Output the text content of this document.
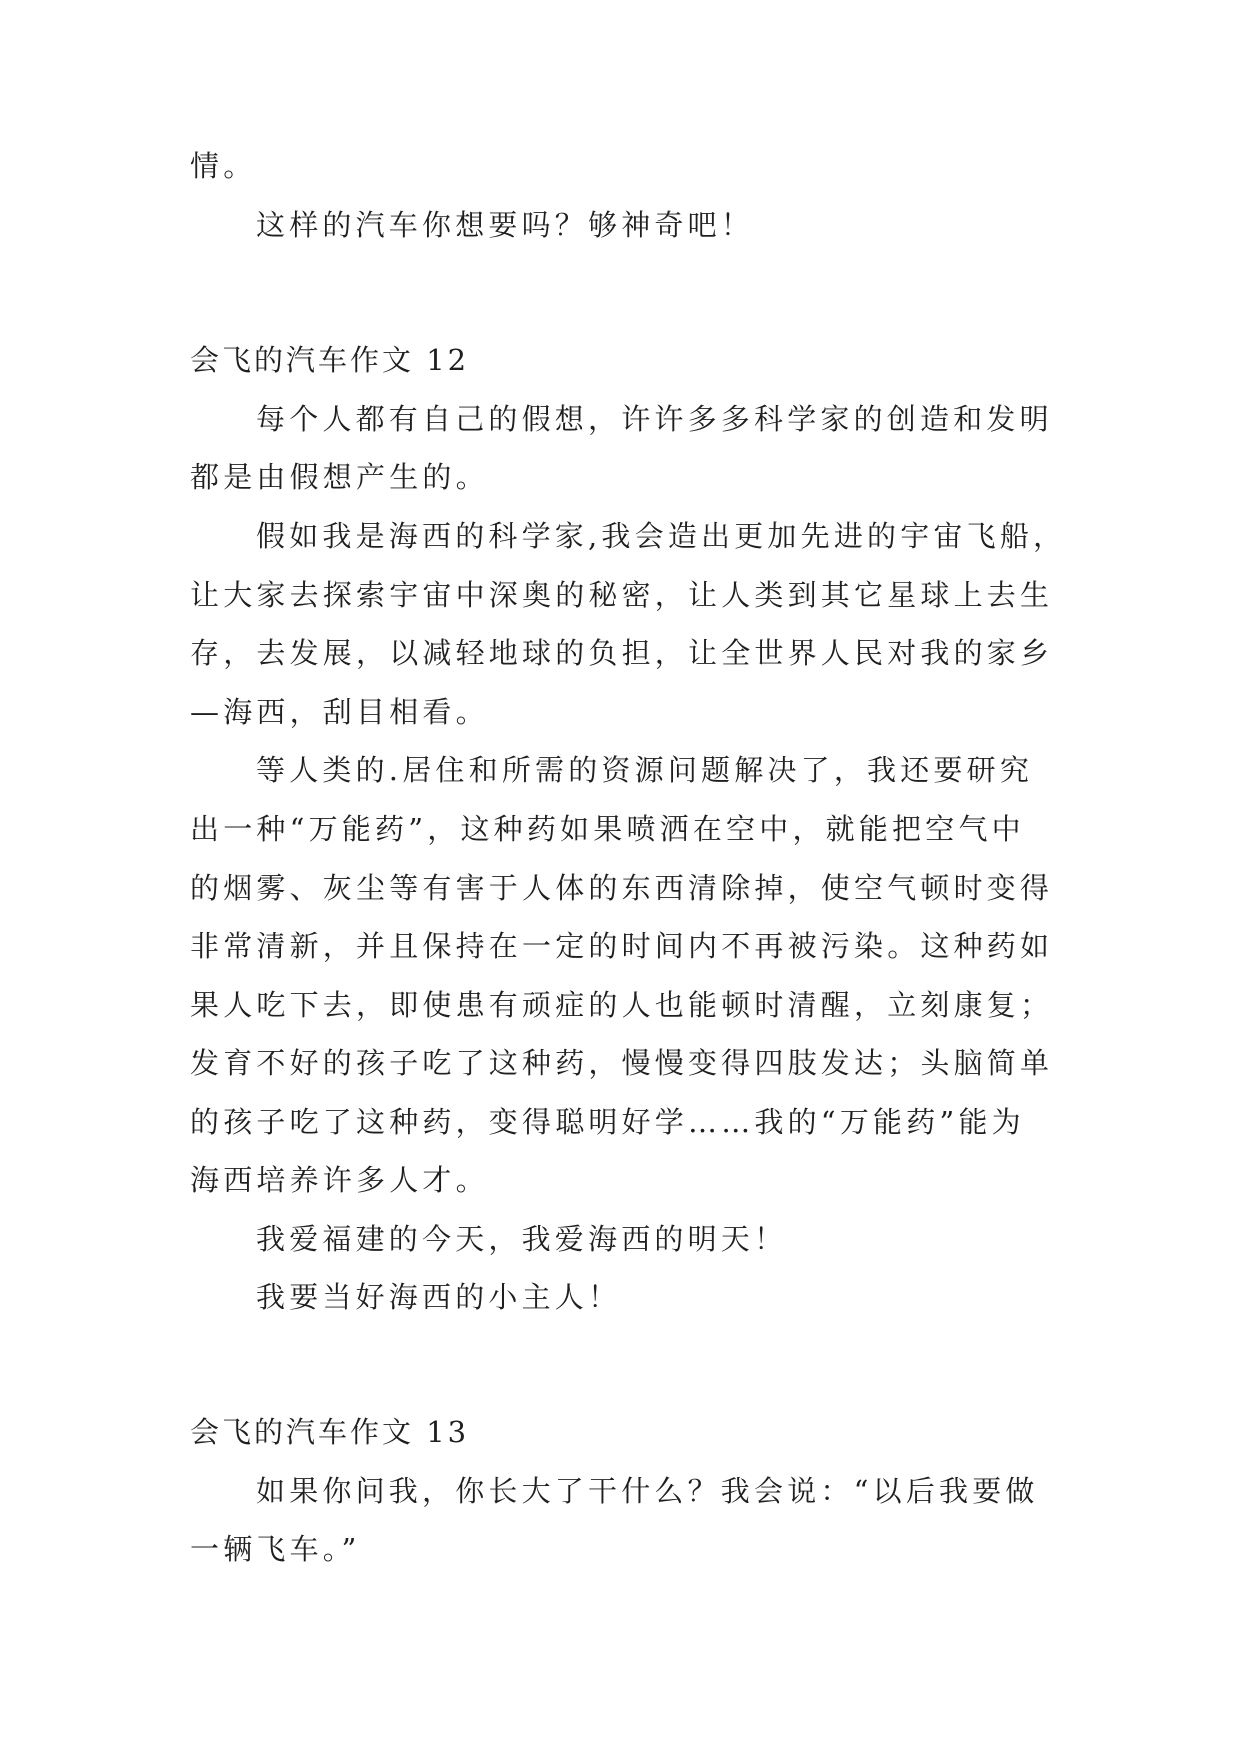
情。

这样的汽车你想要吗？够神奇吧！

会飞的汽车作文 12

每个人都有自己的假想，许许多多科学家的创造和发明

都是由假想产生的。

假如我是海西的科学家,我会造出更加先进的宇宙飞船，

让大家去探索宇宙中深奥的秘密，让人类到其它星球上去生

存，去发展，以减轻地球的负担，让全世界人民对我的家乡

—海西，刮目相看。

等人类的.居住和所需的资源问题解决了，我还要研究

出一种“万能药”，这种药如果喷洒在空中，就能把空气中

的烟雾、灰尘等有害于人体的东西清除掉，使空气顿时变得

非常清新，并且保持在一定的时间内不再被污染。这种药如

果人吃下去，即使患有顽症的人也能顿时清醒，立刻康复；

发育不好的孩子吃了这种药，慢慢变得四肢发达；头脑简单

的孩子吃了这种药，变得聪明好学……我的“万能药”能为

海西培养许多人才。

我爱福建的今天，我爱海西的明天！

我要当好海西的小主人！

会飞的汽车作文 13

如果你问我，你长大了干什么？我会说：“以后我要做

一辆飞车。”
